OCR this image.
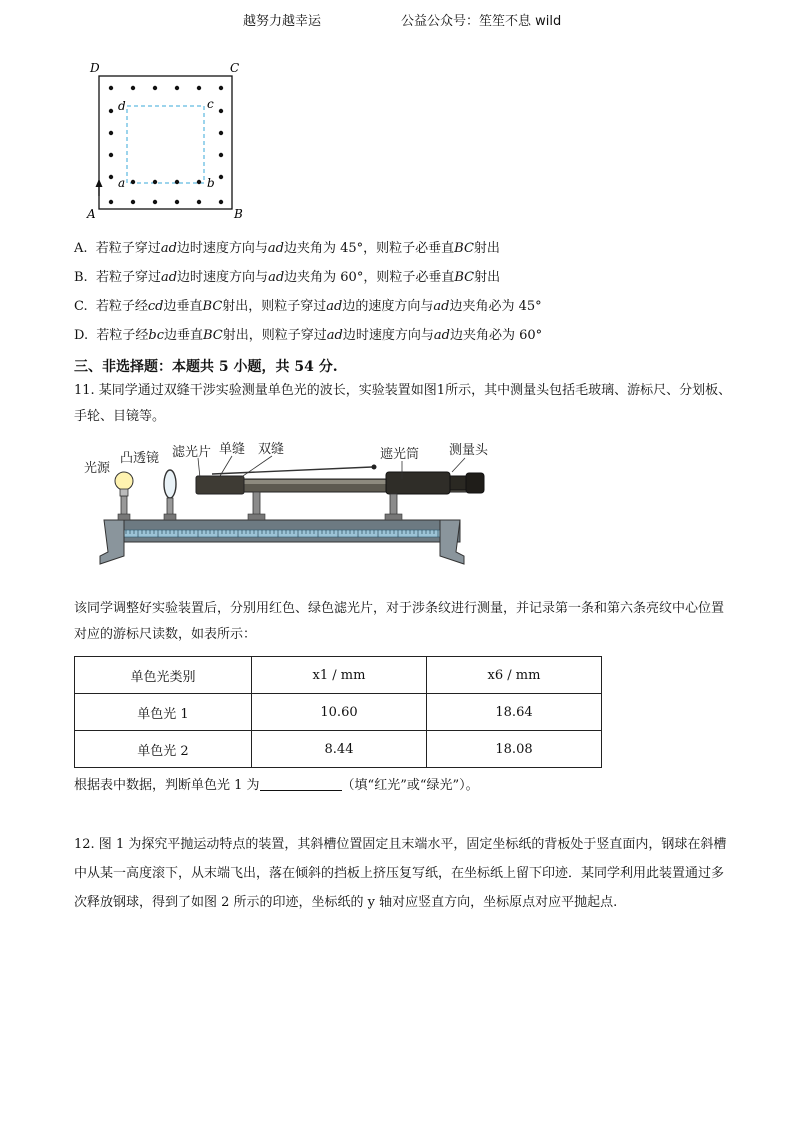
越努力越幸运	公益公众号：笙笙不息 wild
D	C
A	B
d	c
a	b
A. 若粒子穿过ad边时速度方向与ad边夹角为 45°，则粒子必垂直BC射出
B. 若粒子穿过ad边时速度方向与ad边夹角为 60°，则粒子必垂直BC射出
C. 若粒子经cd边垂直BC射出，则粒子穿过ad边的速度方向与ad边夹角必为 45°
D. 若粒子经bc边垂直BC射出，则粒子穿过ad边时速度方向与ad边夹角必为 60°
三、非选择题：本题共 5 小题，共 54 分.
11. 某同学通过双缝干涉实验测量单色光的波长，实验装置如图1所示，其中测量头包括毛玻璃、游标尺、分划板、手轮、目镜等。
光源
凸透镜 滤光片 单缝 双缝	遮光筒 测量头
该同学调整好实验装置后，分别用红色、绿色滤光片，对于涉条纹进行测量，并记录第一条和第六条亮纹中心位置对应的游标尺读数，如表所示：
单色光类别	x1 / mm	x6 / mm
单色光 1	10.60	18.64
单色光 2	8.44	18.08
根据表中数据，判断单色光 1 为	（填“红光”或“绿光”）。
12. 图 1 为探究平抛运动特点的装置，其斜槽位置固定且末端水平，固定坐标纸的背板处于竖直面内，钢球在斜槽中从某一高度滚下，从末端飞出，落在倾斜的挡板上挤压复写纸，在坐标纸上留下印迹．某同学利用此装置通过多次释放钢球，得到了如图 2 所示的印迹，坐标纸的 y 轴对应竖直方向，坐标原点对应平抛起点.
